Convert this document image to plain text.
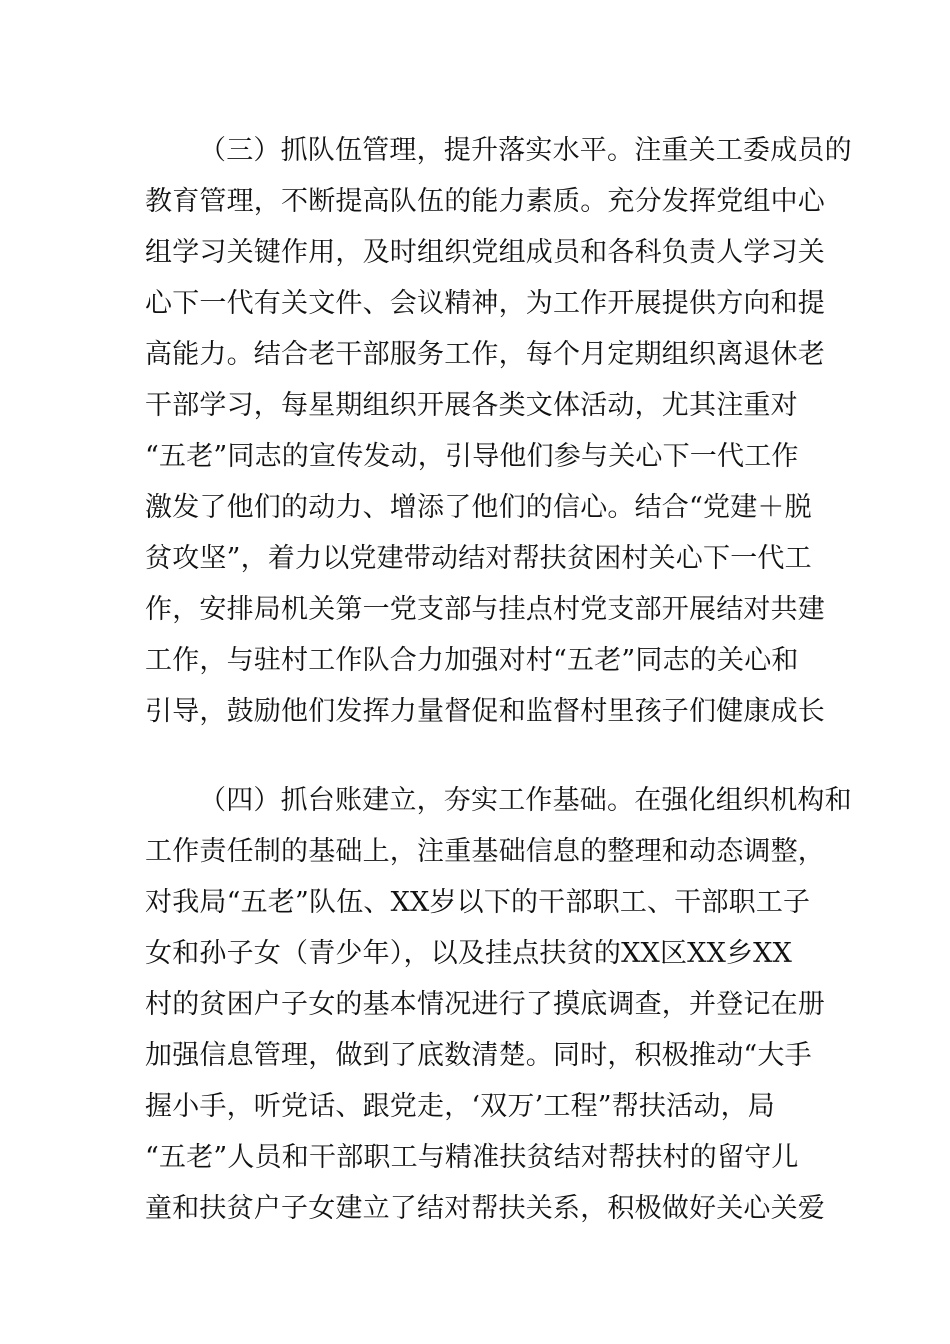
（三）抓队伍管理，提升落实水平。注重关工委成员的
教育管理，不断提高队伍的能力素质。充分发挥党组中心
组学习关键作用，及时组织党组成员和各科负责人学习关
心下一代有关文件、会议精神，为工作开展提供方向和提
高能力。结合老干部服务工作，每个月定期组织离退休老
干部学习，每星期组织开展各类文体活动，尤其注重对
“五老”同志的宣传发动，引导他们参与关心下一代工作
激发了他们的动力、增添了他们的信心。结合“党建＋脱
贫攻坚”，着力以党建带动结对帮扶贫困村关心下一代工
作，安排局机关第一党支部与挂点村党支部开展结对共建
工作，与驻村工作队合力加强对村“五老”同志的关心和
引导，鼓励他们发挥力量督促和监督村里孩子们健康成长
（四）抓台账建立，夯实工作基础。在强化组织机构和
工作责任制的基础上，注重基础信息的整理和动态调整，
对我局“五老”队伍、XX岁以下的干部职工、干部职工子
女和孙子女（青少年），以及挂点扶贫的XX区XX乡XX
村的贫困户子女的基本情况进行了摸底调查，并登记在册
加强信息管理，做到了底数清楚。同时，积极推动“大手
握小手，听党话、跟党走，‘双万’工程”帮扶活动，局
“五老”人员和干部职工与精准扶贫结对帮扶村的留守儿
童和扶贫户子女建立了结对帮扶关系，积极做好关心关爱
